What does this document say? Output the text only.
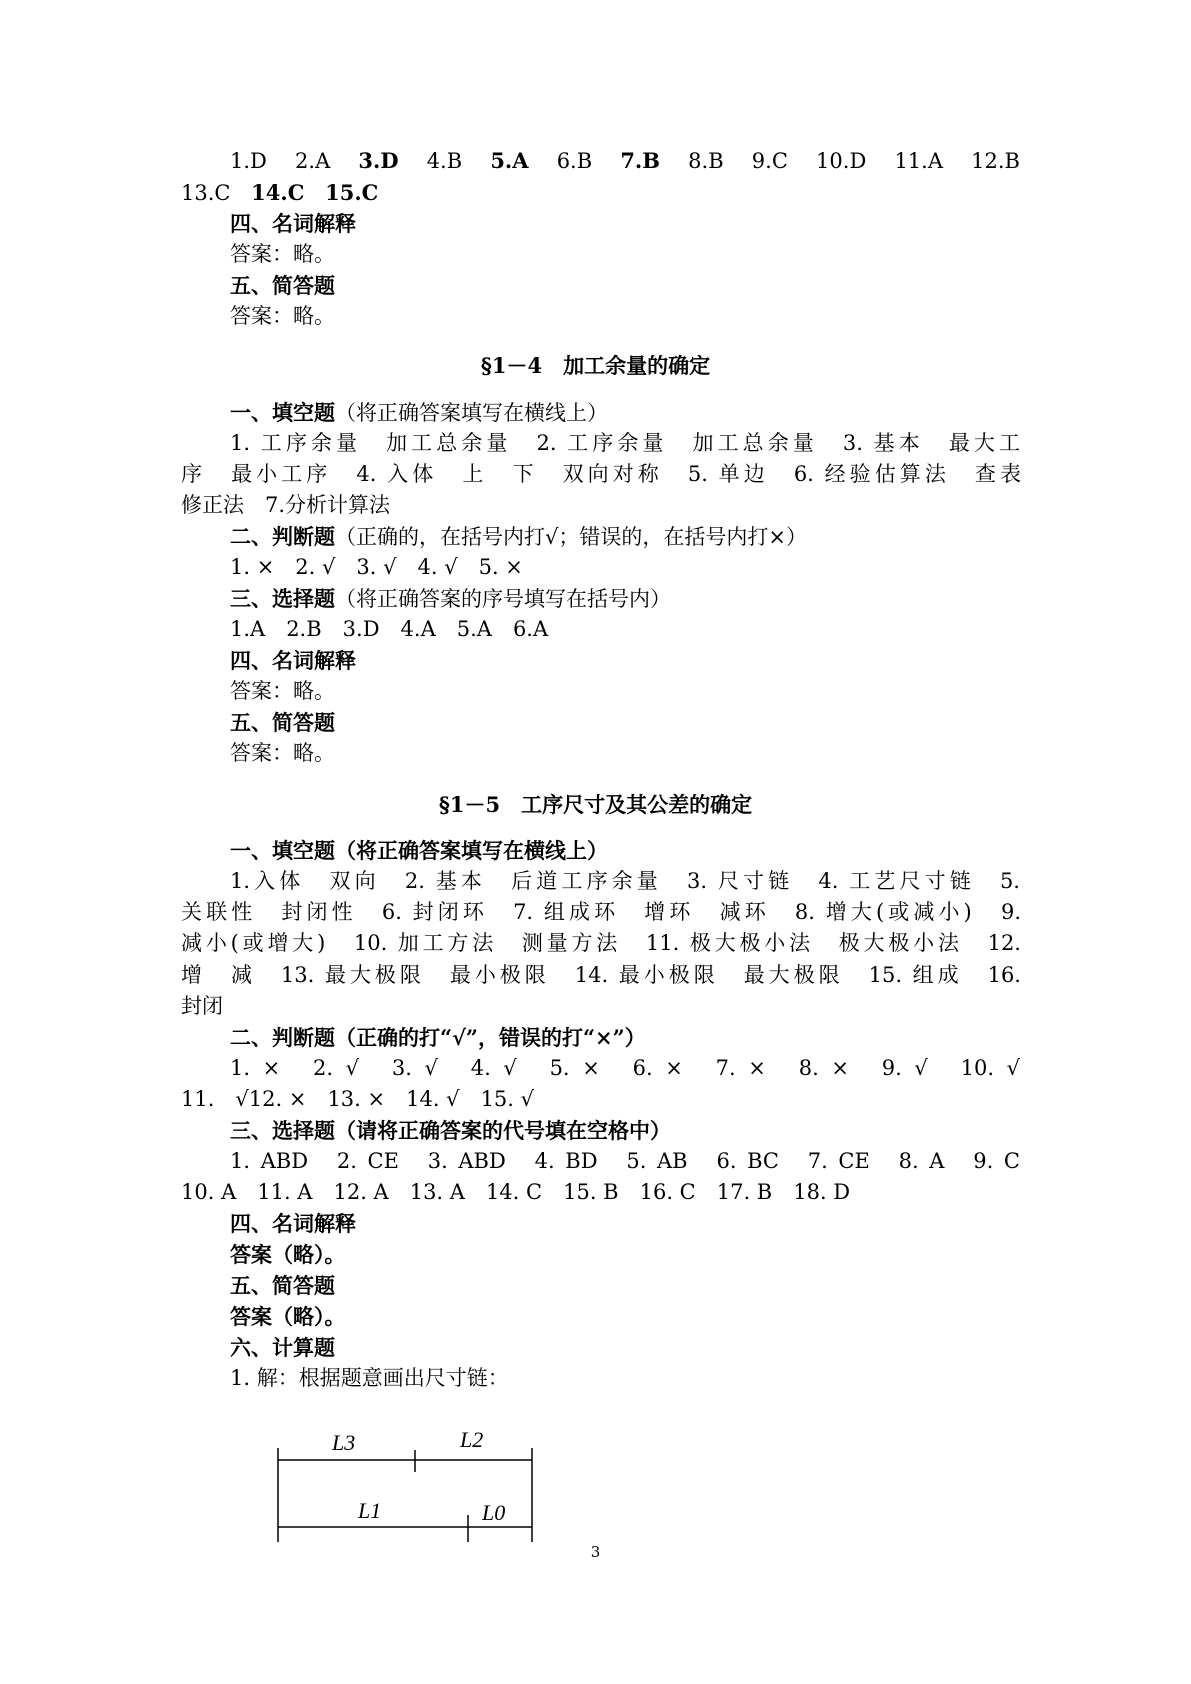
1.D 2.A 3.D 4.B 5.A 6.B 7.B 8.B 9.C 10.D 11.A 12.B
13.C 14.C 15.C
四、名词解释
答案：略。
五、简答题
答案：略。
§1－4　加工余量的确定
一、填空题（将正确答案填写在横线上）
1. 工序余量　加工总余量　2. 工序余量　加工总余量　3. 基本　最大工
序　最小工序　4. 入体　上　下　双向对称　5. 单边　6. 经验估算法　查表
修正法　7.分析计算法
二、判断题（正确的，在括号内打√；错误的，在括号内打×）
1. ×　2. √　3. √　4. √　5. ×
三、选择题（将正确答案的序号填写在括号内）
1.A　2.B　3.D　4.A　5.A　6.A
四、名词解释
答案：略。
五、简答题
答案：略。
§1－5　工序尺寸及其公差的确定
一、填空题（将正确答案填写在横线上）
1.入体　双向　2. 基本　后道工序余量　3. 尺寸链　4. 工艺尺寸链　5.
关联性　封闭性　6. 封闭环　7. 组成环　增环　减环　8. 增大(或减小)　9.
减小(或增大)　10. 加工方法　测量方法　11. 极大极小法　极大极小法　12.
增　减　13. 最大极限　最小极限　14. 最小极限　最大极限　15. 组成　16.
封闭
二、判断题（正确的打“√”，错误的打“×”）
1. ×　2. √　3. √　4. √　5. ×　6. ×　7. ×　8. ×　9. √　10. √
11.　√12. ×　13. ×　14. √　15. √
三、选择题（请将正确答案的代号填在空格中）
1. ABD　2. CE　3. ABD　4. BD　5. AB　6. BC　7. CE　8. A　9. C
10. A　11. A　12. A　13. A　14. C　15. B　16. C　17. B　18. D
四、名词解释
答案（略）。
五、简答题
答案（略）。
六、计算题
1. 解：根据题意画出尺寸链：
L3	L2
L1	L0
3
